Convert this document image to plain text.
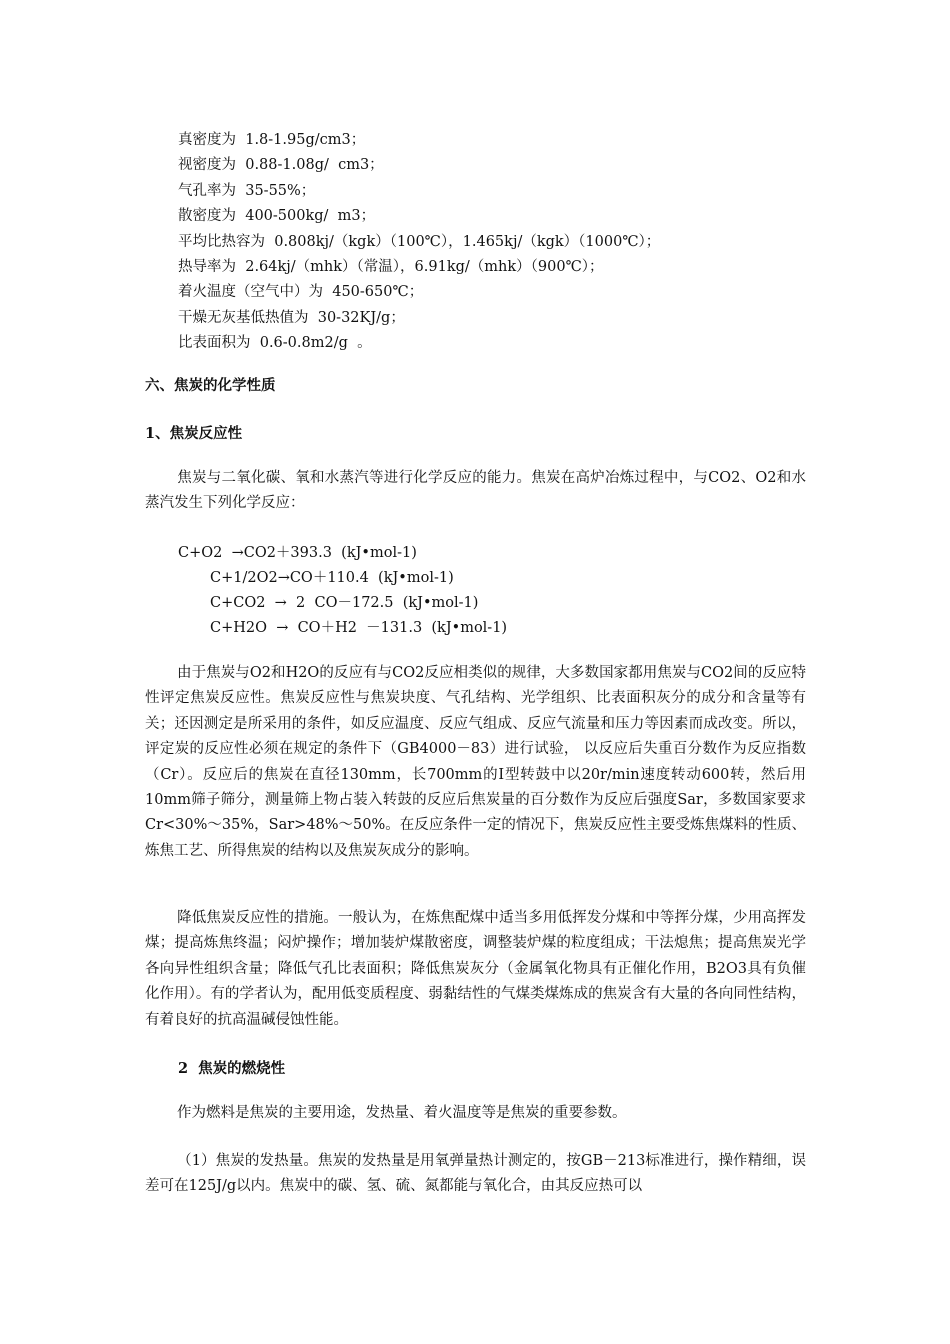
真密度为  1.8-1.95g/cm3；
视密度为  0.88-1.08g/  cm3；
气孔率为  35-55%；
散密度为  400-500kg/  m3；
平均比热容为  0.808kj/（kgk）（100℃），1.465kj/（kgk）（1000℃）；
热导率为  2.64kj/（mhk）（常温），6.91kg/（mhk）（900℃）；
着火温度（空气中）为  450-650℃；
干燥无灰基低热值为  30-32KJ/g；
比表面积为  0.6-0.8m2/g  。
六、焦炭的化学性质
1、焦炭反应性
焦炭与二氧化碳、氧和水蒸汽等进行化学反应的能力。焦炭在高炉冶炼过程中，与CO2、O2和水蒸汽发生下列化学反应：
C+O2  →CO2＋393.3  (kJ•mol-1)
C+1/2O2→CO＋110.4  (kJ•mol-1)
C+CO2  →  2  CO－172.5  (kJ•mol-1)
C+H2O  →  CO＋H2  －131.3  (kJ•mol-1)
由于焦炭与O2和H2O的反应有与CO2反应相类似的规律，大多数国家都用焦炭与CO2间的反应特性评定焦炭反应性。焦炭反应性与焦炭块度、气孔结构、光学组织、比表面积灰分的成分和含量等有关；还因测定是所采用的条件，如反应温度、反应气组成、反应气流量和压力等因素而成改变。所以，评定炭的反应性必须在规定的条件下（GB4000－83）进行试验， 以反应后失重百分数作为反应指数（Cr）。反应后的焦炭在直径130mm，长700mm的Ⅰ型转鼓中以20r/min速度转动600转，然后用10mm筛子筛分，测量筛上物占装入转鼓的反应后焦炭量的百分数作为反应后强度Sar，多数国家要求Cr<30%～35%，Sar>48%～50%。在反应条件一定的情况下，焦炭反应性主要受炼焦煤料的性质、炼焦工艺、所得焦炭的结构以及焦炭灰成分的影响。
降低焦炭反应性的措施。一般认为，在炼焦配煤中适当多用低挥发分煤和中等挥分煤，少用高挥发煤；提高炼焦终温；闷炉操作；增加装炉煤散密度，调整装炉煤的粒度组成；干法熄焦；提高焦炭光学各向异性组织含量；降低气孔比表面积；降低焦炭灰分（金属氧化物具有正催化作用，B2O3具有负催化作用）。有的学者认为，配用低变质程度、弱黏结性的气煤类煤炼成的焦炭含有大量的各向同性结构，有着良好的抗高温碱侵蚀性能。
2  焦炭的燃烧性
作为燃料是焦炭的主要用途，发热量、着火温度等是焦炭的重要参数。
（1）焦炭的发热量。焦炭的发热量是用氧弹量热计测定的，按GB－213标准进行，操作精细，误差可在125J/g以内。焦炭中的碳、氢、硫、氮都能与氧化合，由其反应热可以
